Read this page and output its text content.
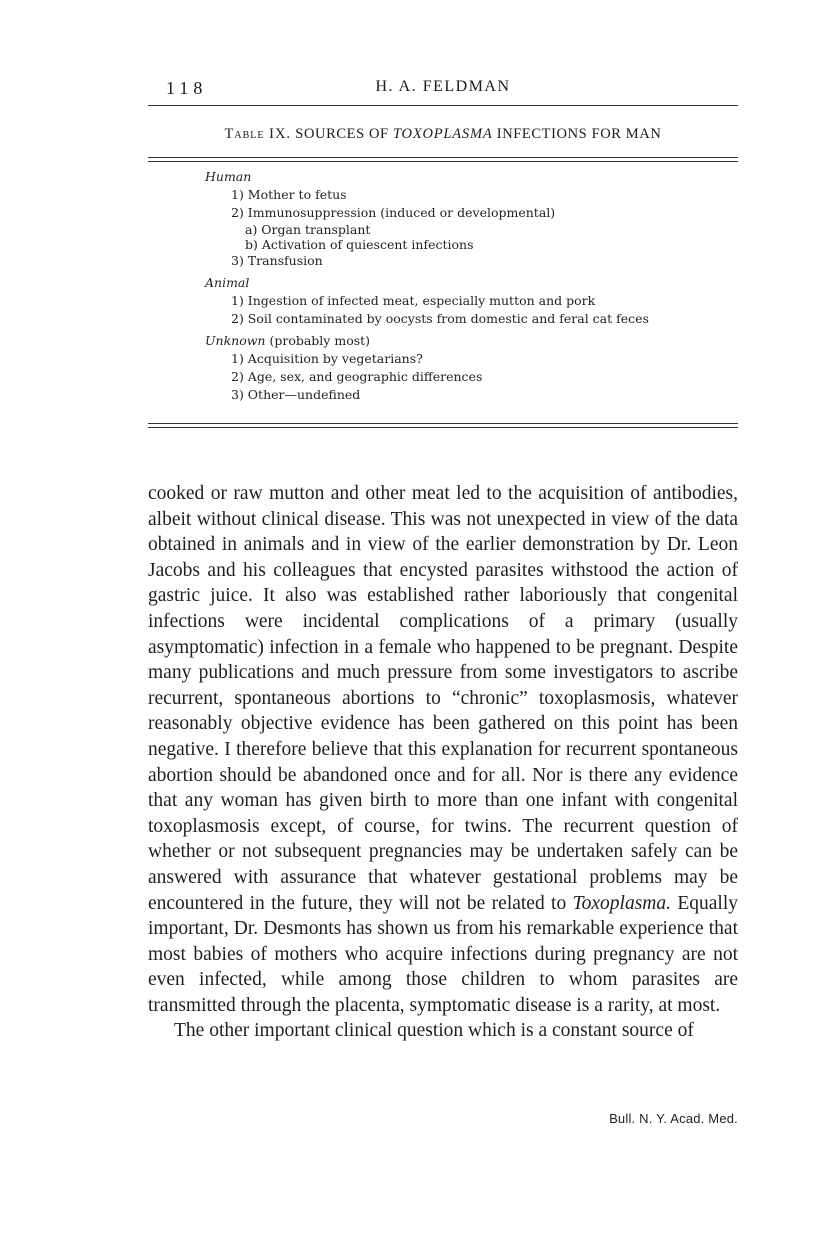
118	H. A. FELDMAN
Table IX. SOURCES OF TOXOPLASMA INFECTIONS FOR MAN
Human
1) Mother to fetus
2) Immunosuppression (induced or developmental)
a) Organ transplant
b) Activation of quiescent infections
3) Transfusion
Animal
1) Ingestion of infected meat, especially mutton and pork
2) Soil contaminated by oocysts from domestic and feral cat feces
Unknown (probably most)
1) Acquisition by vegetarians?
2) Age, sex, and geographic differences
3) Other—undefined

cooked or raw mutton and other meat led to the acquisition of antibodies, albeit without clinical disease. This was not unexpected in view of the data obtained in animals and in view of the earlier demonstration by Dr. Leon Jacobs and his colleagues that encysted parasites withstood the action of gastric juice. It also was established rather laboriously that congenital infections were incidental complications of a primary (usually asymptomatic) infection in a female who happened to be pregnant. Despite many publications and much pressure from some investigators to ascribe recurrent, spontaneous abortions to “chronic” toxoplasmosis, whatever reasonably objective evidence has been gathered on this point has been negative. I therefore believe that this explanation for recurrent spontaneous abortion should be abandoned once and for all. Nor is there any evidence that any woman has given birth to more than one infant with congenital toxoplasmosis except, of course, for twins. The recurrent question of whether or not subsequent pregnancies may be undertaken safely can be answered with assurance that whatever gestational problems may be encountered in the future, they will not be related to Toxoplasma. Equally important, Dr. Desmonts has shown us from his remarkable experience that most babies of mothers who acquire infections during pregnancy are not even infected, while among those children to whom parasites are transmitted through the placenta, symptomatic disease is a rarity, at most.

The other important clinical question which is a constant source of

Bull. N. Y. Acad. Med.
